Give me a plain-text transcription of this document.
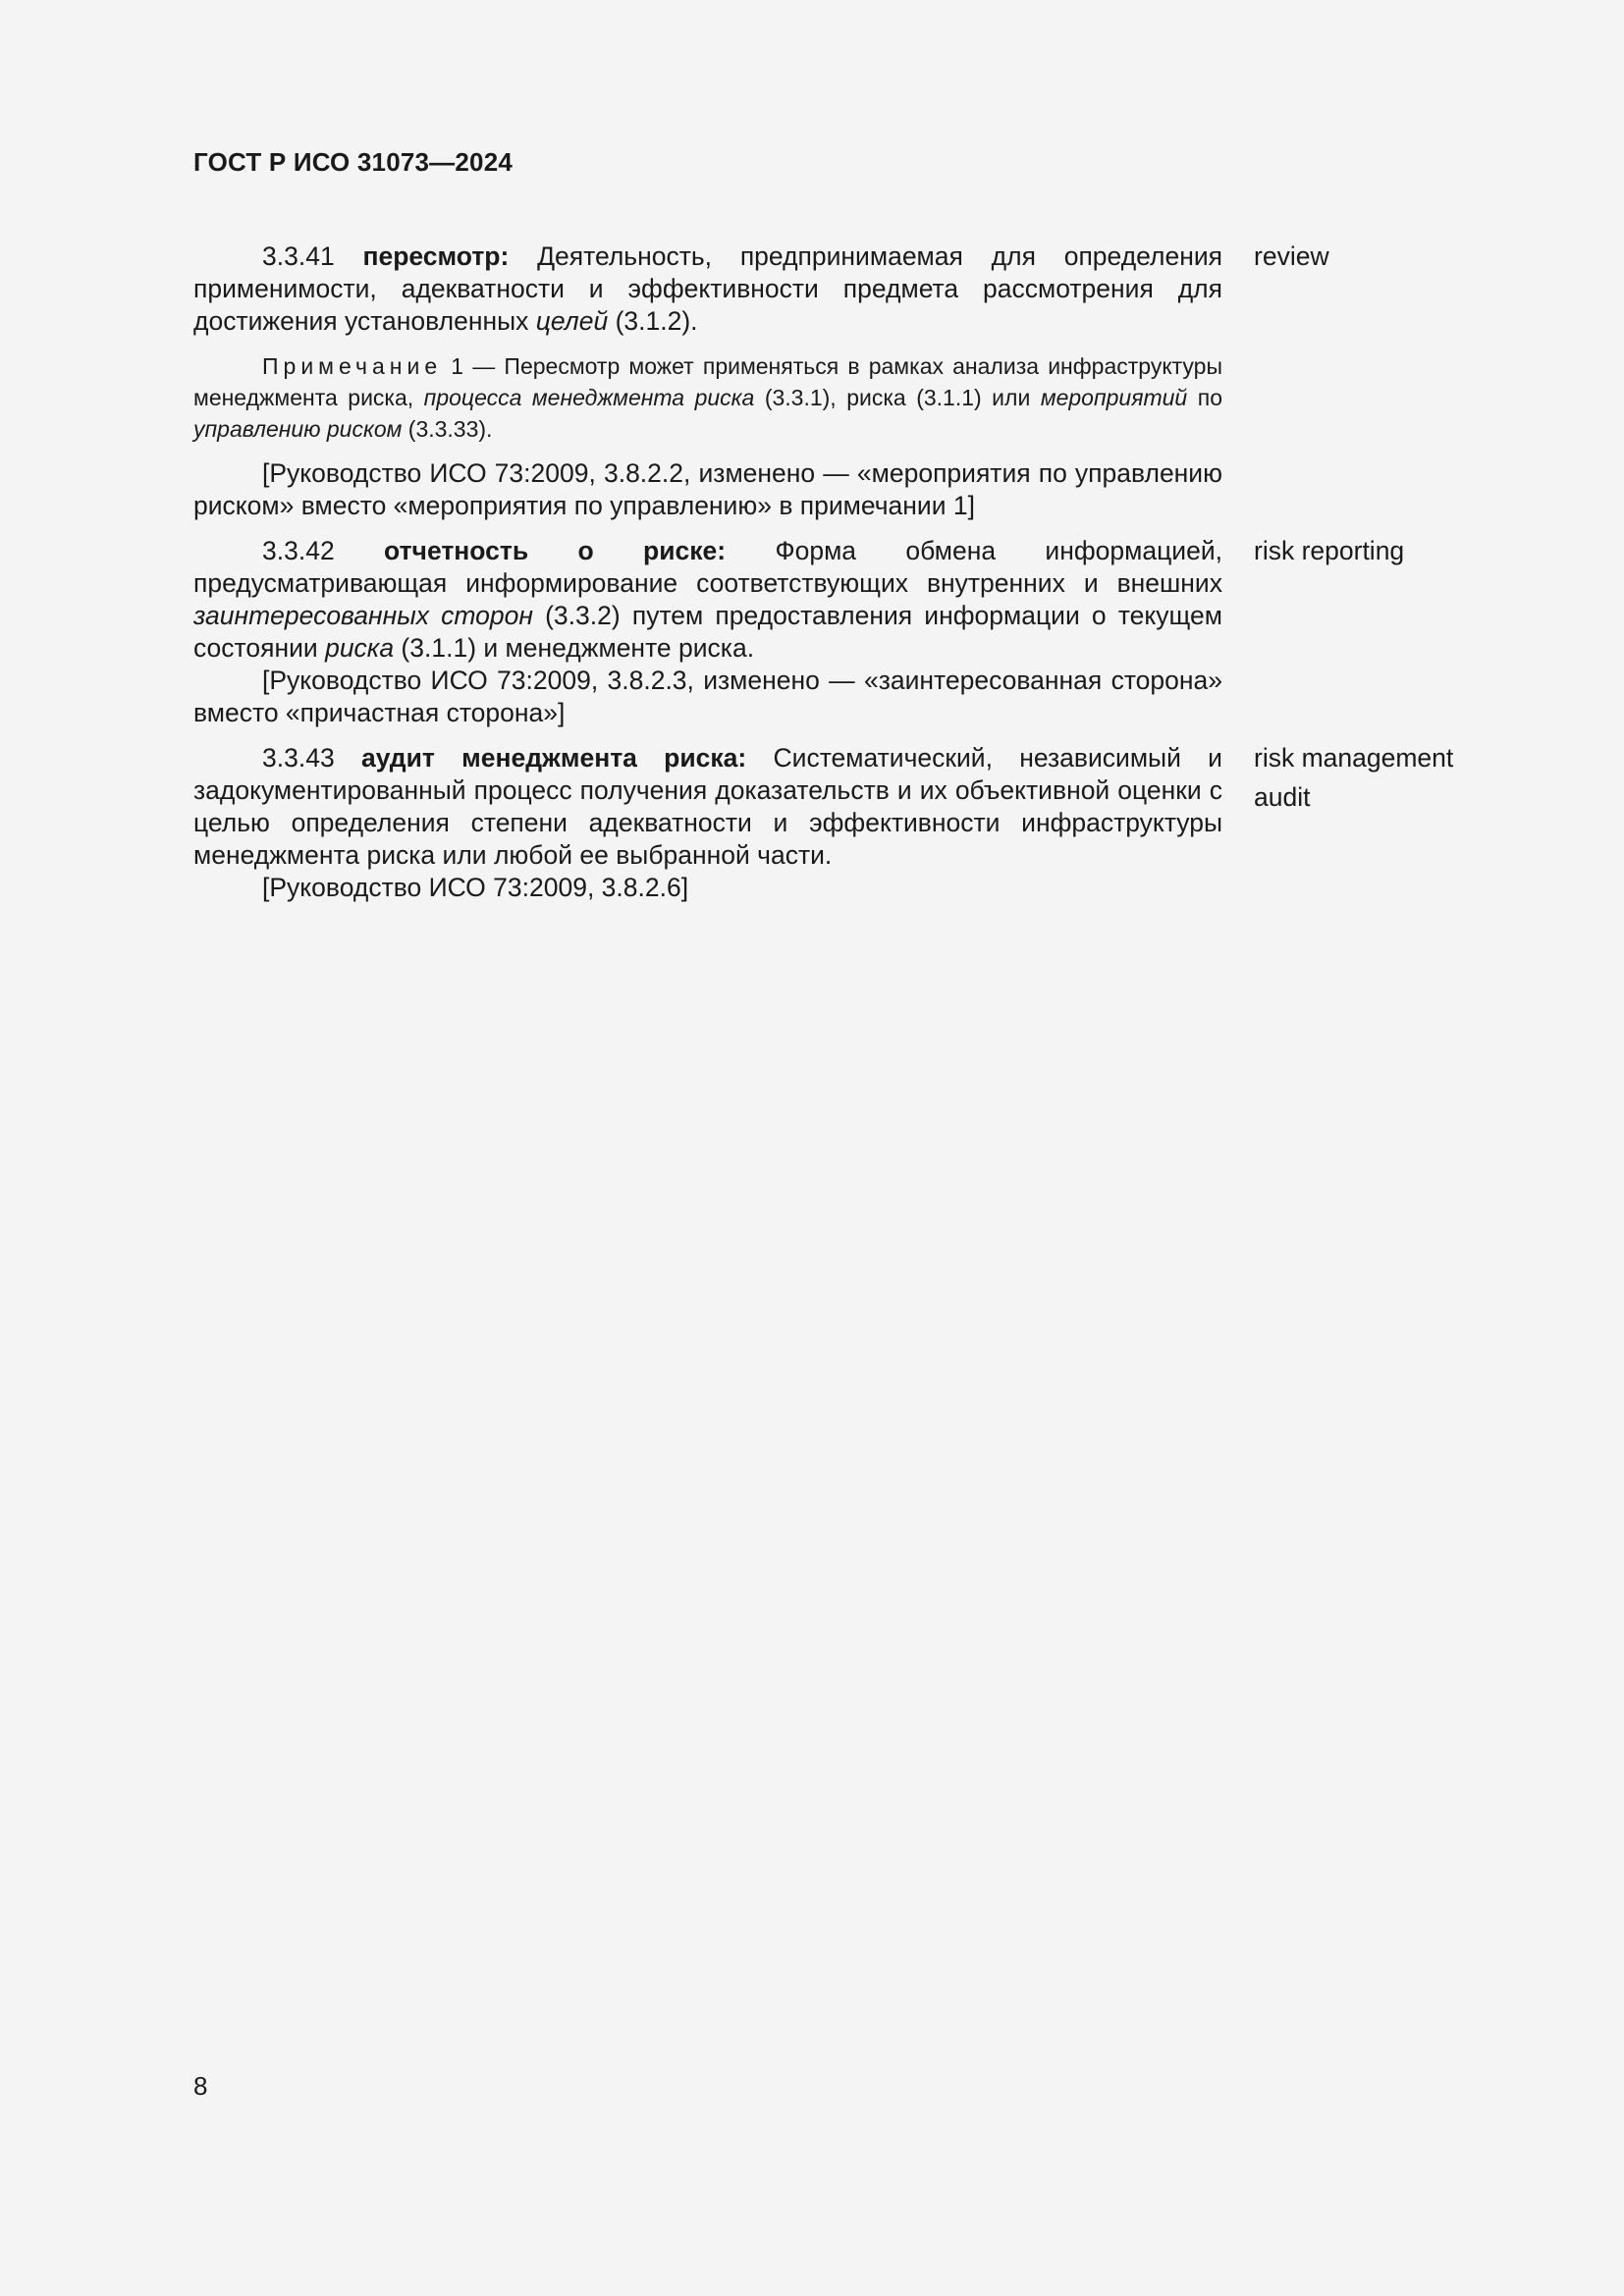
ГОСТ Р ИСО 31073—2024

3.3.41 пересмотр: Деятельность, предпринимаемая для определения применимости, адекватности и эффективности предмета рассмотрения для достижения установленных целей (3.1.2).

Примечание 1 — Пересмотр может применяться в рамках анализа инфраструктуры менеджмента риска, процесса менеджмента риска (3.3.1), риска (3.1.1) или мероприятий по управлению риском (3.3.33).

[Руководство ИСО 73:2009, 3.8.2.2, изменено — «мероприятия по управлению риском» вместо «мероприятия по управлению» в примечании 1]

review

3.3.42 отчетность о риске: Форма обмена информацией, предусматривающая информирование соответствующих внутренних и внешних заинтересованных сторон (3.3.2) путем предоставления информации о текущем состоянии риска (3.1.1) и менеджменте риска.

[Руководство ИСО 73:2009, 3.8.2.3, изменено — «заинтересованная сторона» вместо «причастная сторона»]

risk reporting

3.3.43 аудит менеджмента риска: Систематический, независимый и задокументированный процесс получения доказательств и их объективной оценки с целью определения степени адекватности и эффективности инфраструктуры менеджмента риска или любой ее выбранной части.

[Руководство ИСО 73:2009, 3.8.2.6]

risk management audit
8
